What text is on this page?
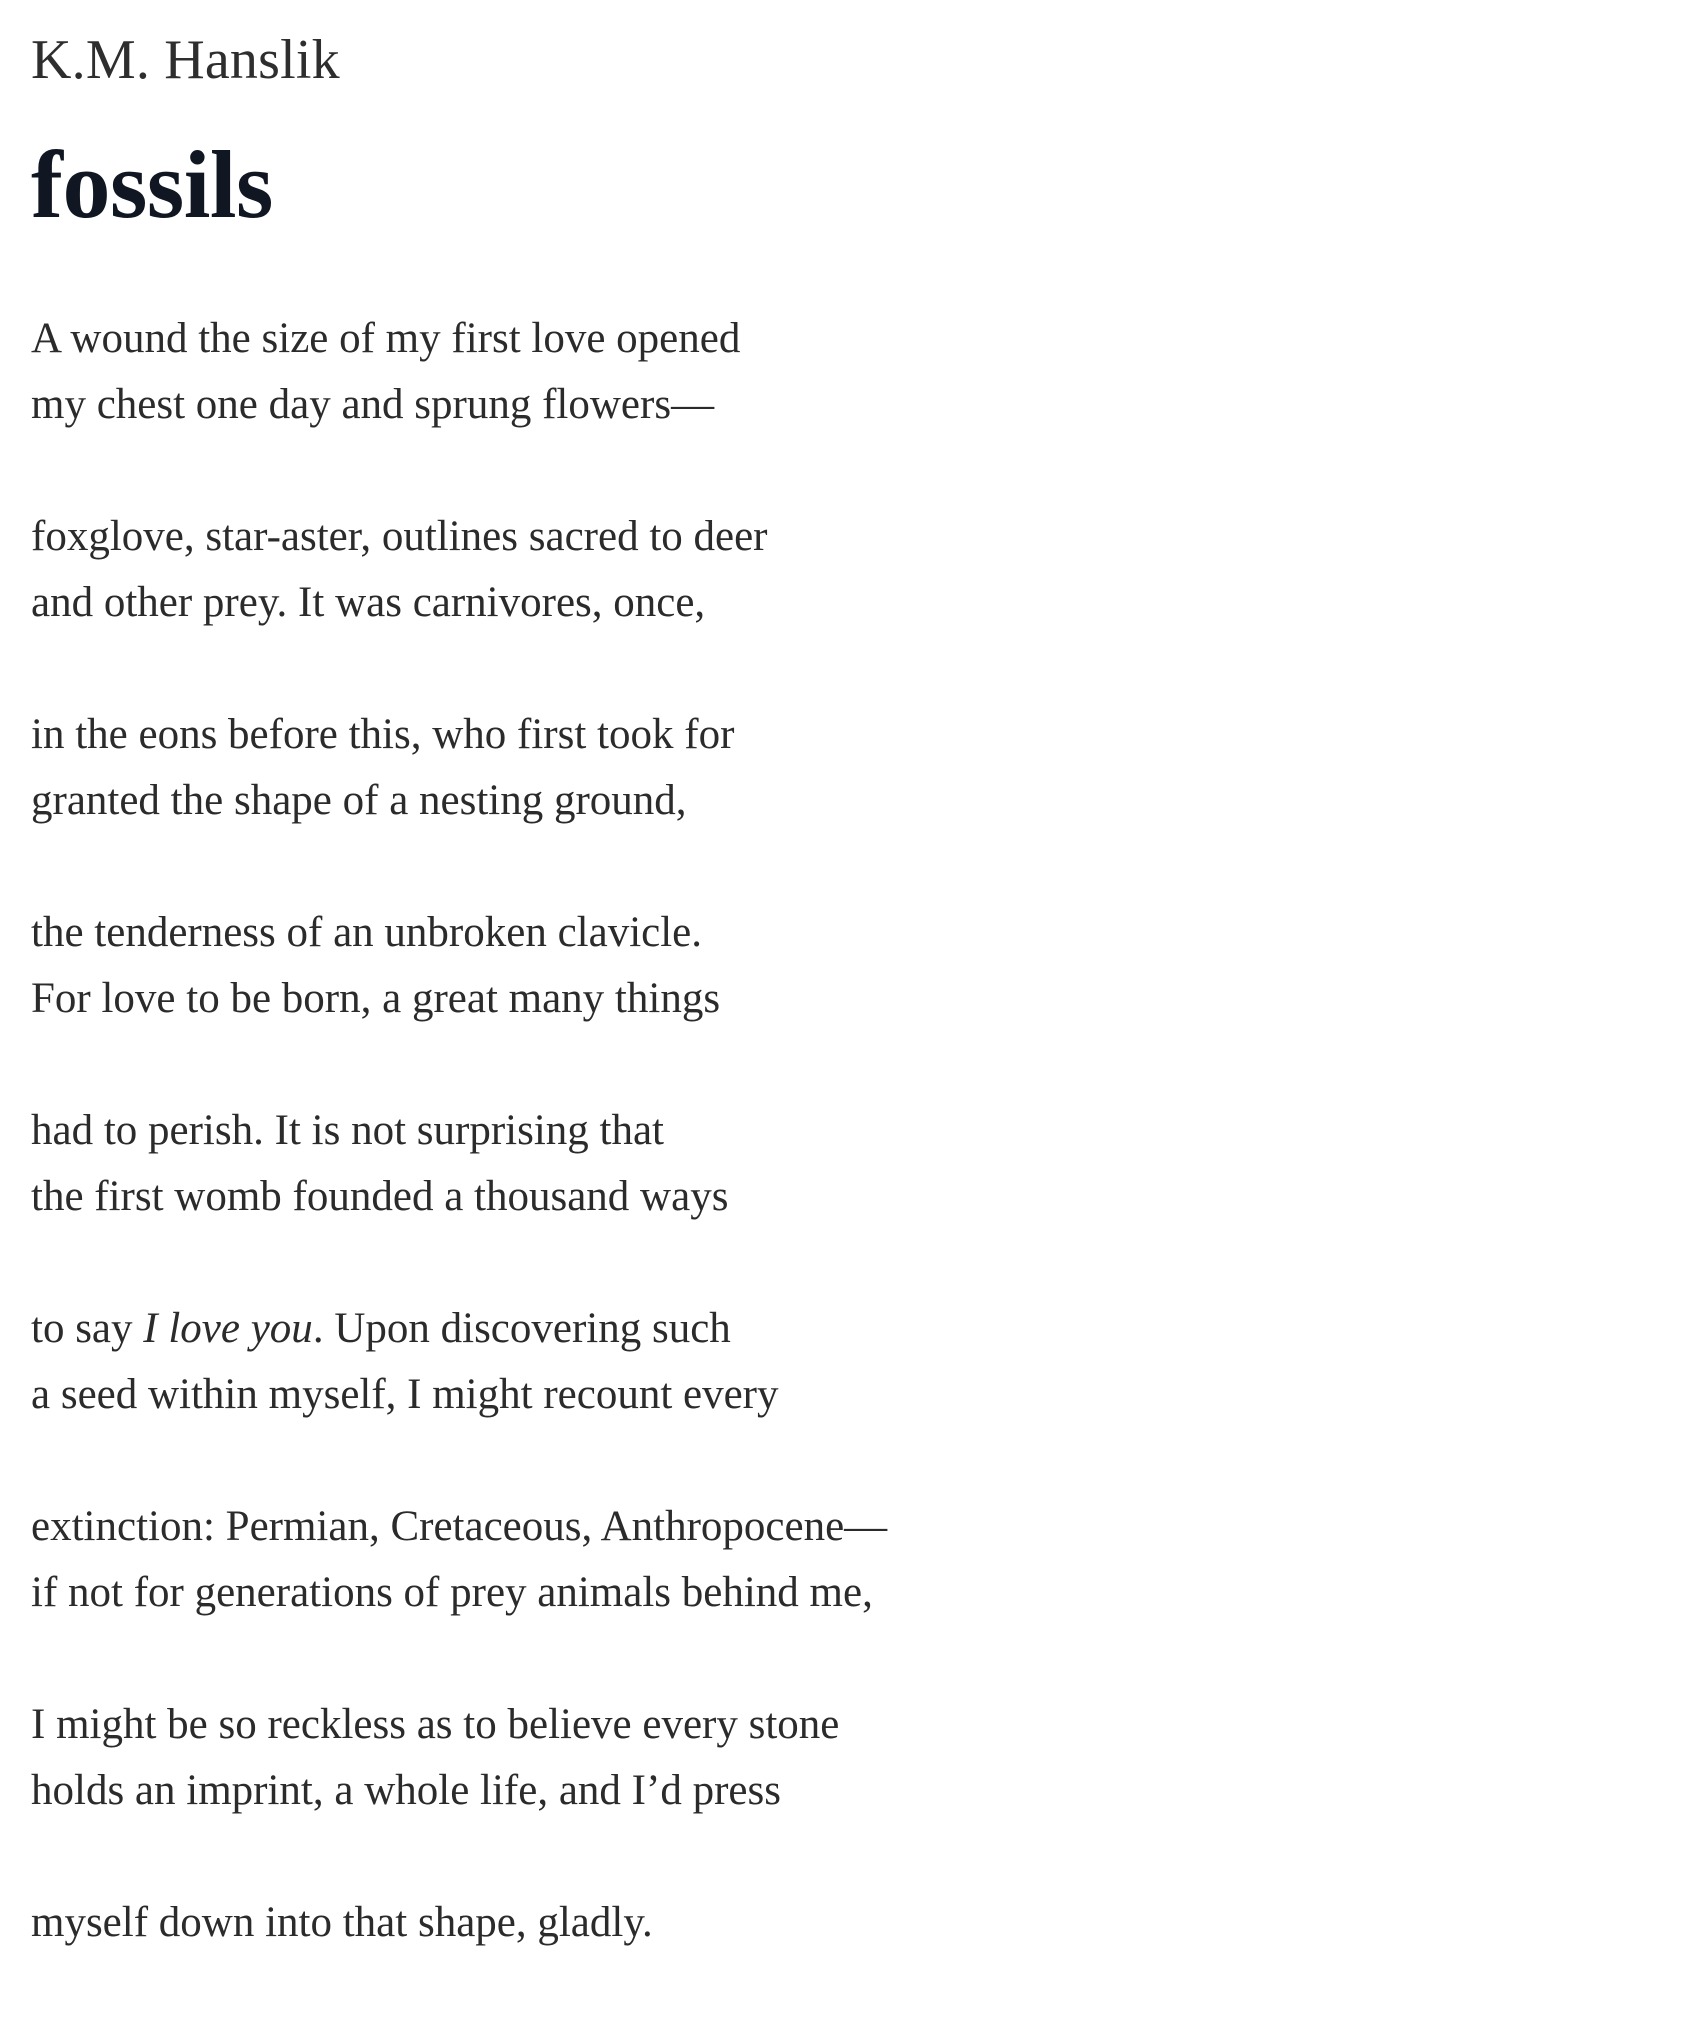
K.M. Hanslik
fossils

A wound the size of my first love opened
my chest one day and sprung flowers—

foxglove, star-aster, outlines sacred to deer
and other prey. It was carnivores, once,

in the eons before this, who first took for
granted the shape of a nesting ground,

the tenderness of an unbroken clavicle.
For love to be born, a great many things

had to perish. It is not surprising that
the first womb founded a thousand ways

to say I love you. Upon discovering such
a seed within myself, I might recount every

extinction: Permian, Cretaceous, Anthropocene—
if not for generations of prey animals behind me,

I might be so reckless as to believe every stone
holds an imprint, a whole life, and I’d press

myself down into that shape, gladly.
